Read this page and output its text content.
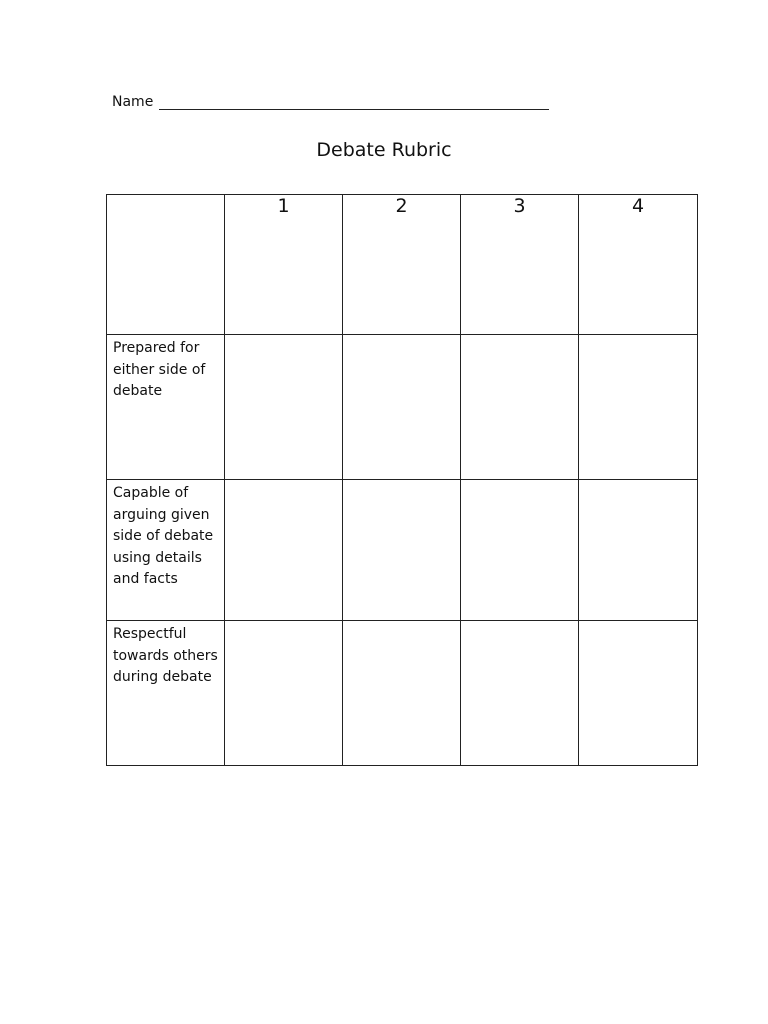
Name
Debate Rubric
	1	2	3	4
Prepared for either side of debate				
Capable of arguing given side of debate using details and facts				
Respectful towards others during debate				
